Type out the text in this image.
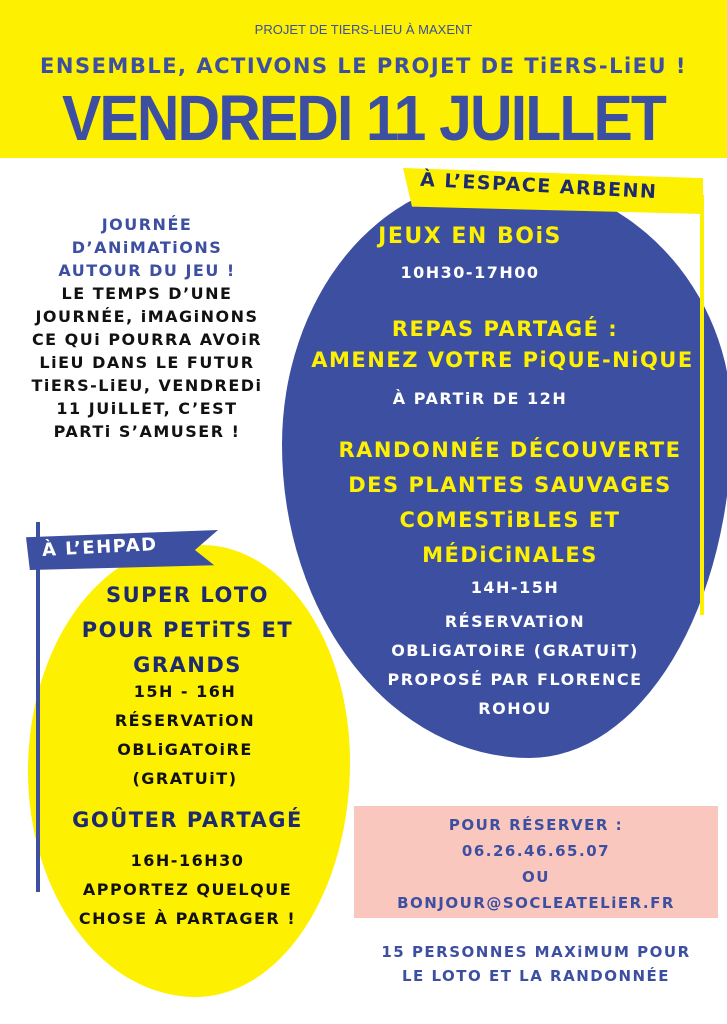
PROJET DE TIERS-LIEU À MAXENT
ENSEMBLE, ACTIVONS LE PROJET DE TiERS-LiEU !
VENDREDI 11 JUILLET
À L’ESPACE ARBENN
JEUX EN BOiS
10H30-17H00
REPAS PARTAGÉ :
AMENEZ VOTRE PiQUE-NiQUE
À PARTiR DE 12H
RANDONNÉE DÉCOUVERTE
DES PLANTES SAUVAGES
COMESTiBLES ET
MÉDiCiNALES
14H-15H
RÉSERVATiON
OBLiGATOiRE (GRATUiT)
PROPOSÉ PAR FLORENCE
ROHOU
JOURNÉE
D’ANiMATiONS
AUTOUR DU JEU !
LE TEMPS D’UNE
JOURNÉE, iMAGiNONS
CE QUi POURRA AVOiR
LiEU DANS LE FUTUR
TiERS-LiEU, VENDREDi
11 JUiLLET, C’EST
PARTi S’AMUSER !
À L’EHPAD
SUPER LOTO
POUR PETiTS ET
GRANDS
15H - 16H
RÉSERVATiON
OBLiGATOiRE
(GRATUiT)
GOÛTER PARTAGÉ
16H-16H30
APPORTEZ QUELQUE
CHOSE À PARTAGER !
POUR RÉSERVER :
06.26.46.65.07
OU
BONJOUR@SOCLEATELiER.FR
15 PERSONNES MAXiMUM POUR
LE LOTO ET LA RANDONNÉE
